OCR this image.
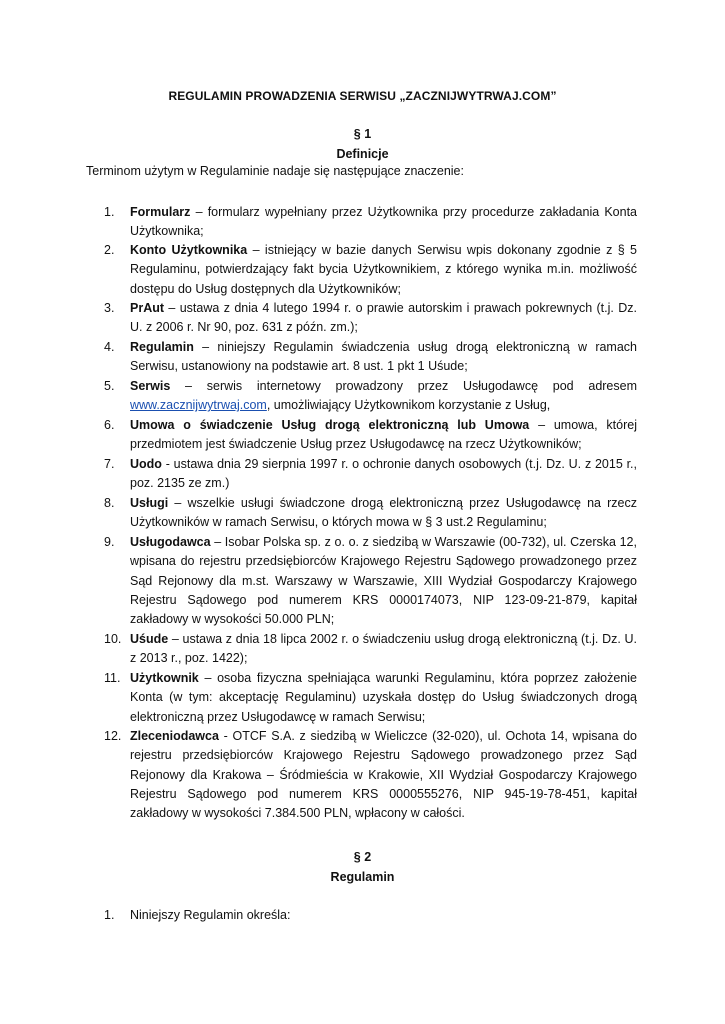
REGULAMIN PROWADZENIA SERWISU „ZACZNIJWYTRWAJ.COM”
§ 1
Definicje
Terminom użytym w Regulaminie nadaje się następujące znaczenie:
1.	Formularz – formularz wypełniany przez Użytkownika przy procedurze zakładania Konta Użytkownika;
2.	Konto Użytkownika – istniejący w bazie danych Serwisu wpis dokonany zgodnie z § 5 Regulaminu, potwierdzający fakt bycia Użytkownikiem, z którego wynika m.in. możliwość dostępu do Usług dostępnych dla Użytkowników;
3.	PrAut – ustawa z dnia 4 lutego 1994 r. o prawie autorskim i prawach pokrewnych (t.j. Dz. U. z 2006 r. Nr 90, poz. 631 z późn. zm.);
4.	Regulamin – niniejszy Regulamin świadczenia usług drogą elektroniczną w ramach Serwisu, ustanowiony na podstawie art. 8 ust. 1 pkt 1 Uśude;
5.	Serwis – serwis internetowy prowadzony przez Usługodawcę pod adresem www.zacznijwytrwaj.com, umożliwiający Użytkownikom korzystanie z Usług,
6.	Umowa o świadczenie Usług drogą elektroniczną lub Umowa – umowa, której przedmiotem jest świadczenie Usług przez Usługodawcę na rzecz Użytkowników;
7.	Uodo - ustawa dnia 29 sierpnia 1997 r. o ochronie danych osobowych (t.j. Dz. U. z 2015 r., poz. 2135 ze zm.)
8.	Usługi – wszelkie usługi świadczone drogą elektroniczną przez Usługodawcę na rzecz Użytkowników w ramach Serwisu, o których mowa w § 3 ust.2 Regulaminu;
9.	Usługodawca – Isobar Polska sp. z o. o. z siedzibą w Warszawie (00-732), ul. Czerska 12, wpisana do rejestru przedsiębiorców Krajowego Rejestru Sądowego prowadzonego przez Sąd Rejonowy dla m.st. Warszawy w Warszawie, XIII Wydział Gospodarczy Krajowego Rejestru Sądowego pod numerem KRS 0000174073, NIP 123-09-21-879, kapitał zakładowy w wysokości 50.000 PLN;
10. Uśude – ustawa z dnia 18 lipca 2002 r. o świadczeniu usług drogą elektroniczną (t.j. Dz. U. z 2013 r., poz. 1422);
11. Użytkownik – osoba fizyczna spełniająca warunki Regulaminu, która poprzez założenie Konta (w tym: akceptację Regulaminu) uzyskała dostęp do Usług świadczonych drogą elektroniczną przez Usługodawcę w ramach Serwisu;
12. Zleceniodawca - OTCF S.A. z siedzibą w Wieliczce (32-020), ul. Ochota 14, wpisana do rejestru przedsiębiorców Krajowego Rejestru Sądowego prowadzonego przez Sąd Rejonowy dla Krakowa – Śródmieścia w Krakowie, XII Wydział Gospodarczy Krajowego Rejestru Sądowego pod numerem KRS 0000555276, NIP 945-19-78-451, kapitał zakładowy w wysokości 7.384.500 PLN, wpłacony w całości.
§ 2
Regulamin
1.	Niniejszy Regulamin określa:
